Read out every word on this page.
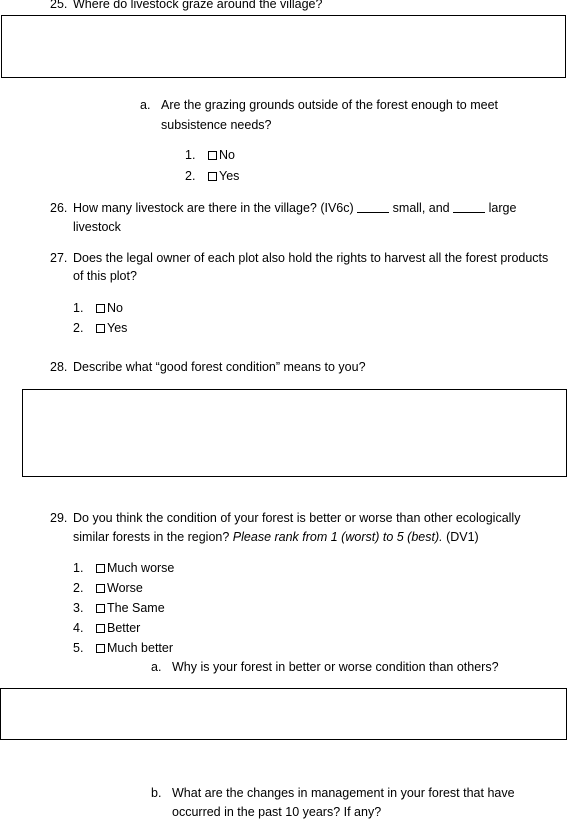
25. Where do livestock graze around the village?
a. Are the grazing grounds outside of the forest enough to meet
subsistence needs?
1.	No
2.	Yes
26. How many livestock are there in the village? (IV6c)	small, and	large
livestock
27. Does the legal owner of each plot also hold the rights to harvest all the forest products
of this plot?
1.	No
2.	Yes
28. Describe what “good forest condition” means to you?
29. Do you think the condition of your forest is better or worse than other ecologically
similar forests in the region? Please rank from 1 (worst) to 5 (best). (DV1)
1.	Much worse
2.	Worse
3.	The Same
4.	Better
5.	Much better
a. Why is your forest in better or worse condition than others?
b. What are the changes in management in your forest that have
occurred in the past 10 years? If any?
